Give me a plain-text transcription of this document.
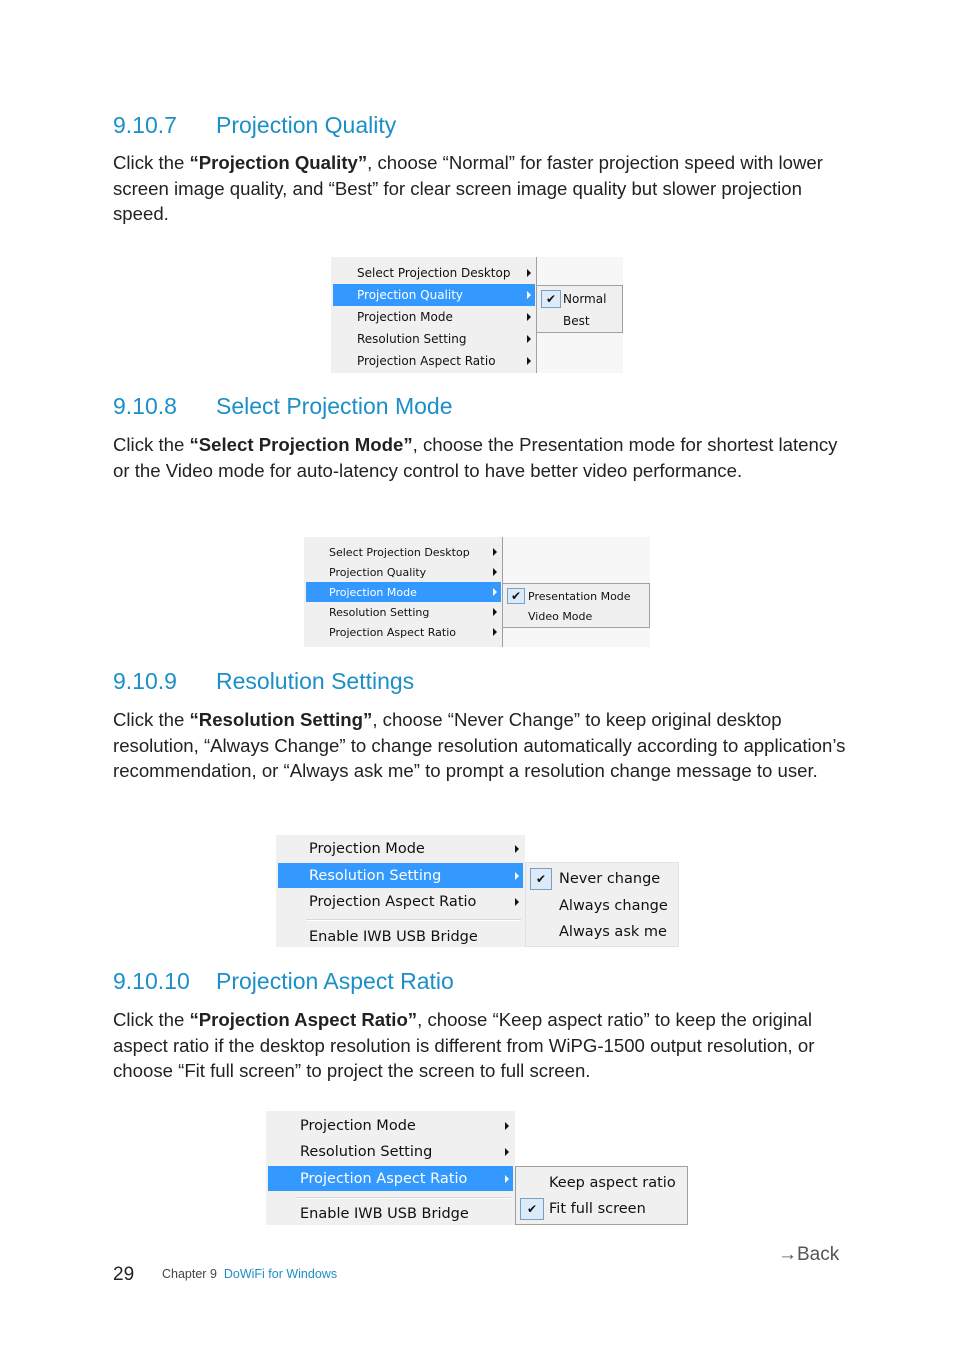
9.10.7 Projection Quality

Click the “Projection Quality”, choose “Normal” for faster projection speed with lower screen image quality, and “Best” for clear screen image quality but slower projection speed.

Select Projection Desktop
Projection Quality
Projection Mode
Resolution Setting
Projection Aspect Ratio
✔ Normal
Best
9.10.8 Select Projection Mode

Click the “Select Projection Mode”, choose the Presentation mode for shortest latency or the Video mode for auto-latency control to have better video performance.

Select Projection Desktop
Projection Quality
Projection Mode
Resolution Setting
Projection Aspect Ratio
✔ Presentation Mode
Video Mode
9.10.9 Resolution Settings

Click the “Resolution Setting”, choose “Never Change” to keep original desktop resolution, “Always Change” to change resolution automatically according to application’s recommendation, or “Always ask me” to prompt a resolution change message to user.

Projection Mode
Resolution Setting
Projection Aspect Ratio
Enable IWB USB Bridge
✔ Never change
Always change
Always ask me
9.10.10 Projection Aspect Ratio

Click the “Projection Aspect Ratio”, choose “Keep aspect ratio” to keep the original aspect ratio if the desktop resolution is different from WiPG-1500 output resolution, or choose “Fit full screen” to project the screen to full screen.

Projection Mode
Resolution Setting
Projection Aspect Ratio
Enable IWB USB Bridge
Keep aspect ratio
✔ Fit full screen
→Back
29 Chapter 9 DoWiFi for Windows
